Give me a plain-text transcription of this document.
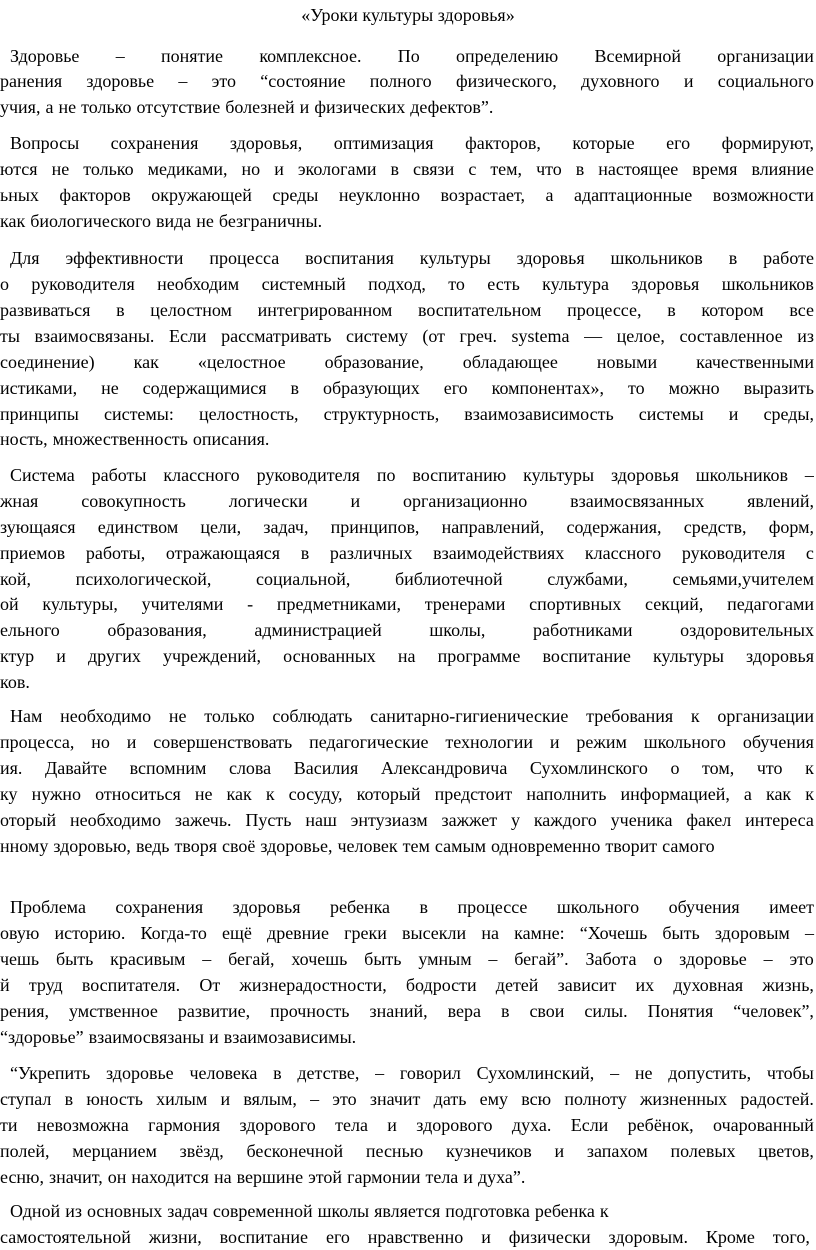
«Уроки культуры здоровья»
Здоровье – понятие комплексное. По определению Всемирной организации
ранения здоровье – это “состояние полного физического, духовного и социального
учия, а не только отсутствие болезней и физических дефектов”.
Вопросы сохранения здоровья, оптимизация факторов, которые его формируют,
ются не только медиками, но и экологами в связи с тем, что в настоящее время влияние
ьных факторов окружающей среды неуклонно возрастает, а адаптационные возможности
как биологического вида не безграничны.
Для эффективности процесса воспитания культуры здоровья школьников в работе
о руководителя необходим системный подход, то есть культура здоровья школьников
развиваться в целостном интегрированном воспитательном процессе, в котором все
ты взаимосвязаны. Если рассматривать систему (от греч. systema — целое, составленное из
соединение) как «целостное образование, обладающее новыми качественными
истиками, не содержащимися в образующих его компонентах», то можно выразить
принципы системы: целостность, структурность, взаимозависимость системы и среды,
ность, множественность описания.
Система работы классного руководителя по воспитанию культуры здоровья школьников –
жная совокупность логически и организационно взаимосвязанных явлений,
зующаяся единством цели, задач, принципов, направлений, содержания, средств, форм,
приемов работы, отражающаяся в различных взаимодействиях классного руководителя с
кой, психологической, социальной, библиотечной службами, семьями,учителем
ой культуры, учителями - предметниками, тренерами спортивных секций, педагогами
ельного	образования,	администрацией	школы,	работниками	оздоровительных
ктур и других учреждений, основанных на программе воспитание культуры здоровья
ков.
Нам необходимо не только соблюдать санитарно-гигиенические требования к организации
процесса, но и совершенствовать педагогические технологии и режим школьного обучения
ия. Давайте вспомним слова Василия Александровича Сухомлинского о том, что к
ку нужно относиться не как к сосуду, который предстоит наполнить информацией, а как к
оторый необходимо зажечь. Пусть наш энтузиазм зажжет у каждого ученика факел интереса
нному здоровью, ведь творя своё здоровье, человек тем самым одновременно творит самого
Проблема сохранения здоровья ребенка в процессе школьного обучения имеет
овую историю. Когда-то ещё древние греки высекли на камне: “Хочешь быть здоровым –
чешь быть красивым – бегай, хочешь быть умным – бегай”. Забота о здоровье – это
й труд воспитателя. От жизнерадостности, бодрости детей зависит их духовная жизнь,
рения, умственное развитие, прочность знаний, вера в свои силы. Понятия “человек”,
“здоровье” взаимосвязаны и взаимозависимы.
“Укрепить здоровье человека в детстве, – говорил Сухомлинский, – не допустить, чтобы
ступал в юность хилым и вялым, – это значит дать ему всю полноту жизненных радостей.
ти невозможна гармония здорового тела и здорового духа. Если ребёнок, очарованный
полей, мерцанием звёзд, бесконечной песнью кузнечиков и запахом полевых цветов,
есню, значит, он находится на вершине этой гармонии тела и духа”.
Одной из основных задач современной школы является подготовка ребенка к
самостоятельной жизни, воспитание его нравственно и физически здоровым. Кроме того,
